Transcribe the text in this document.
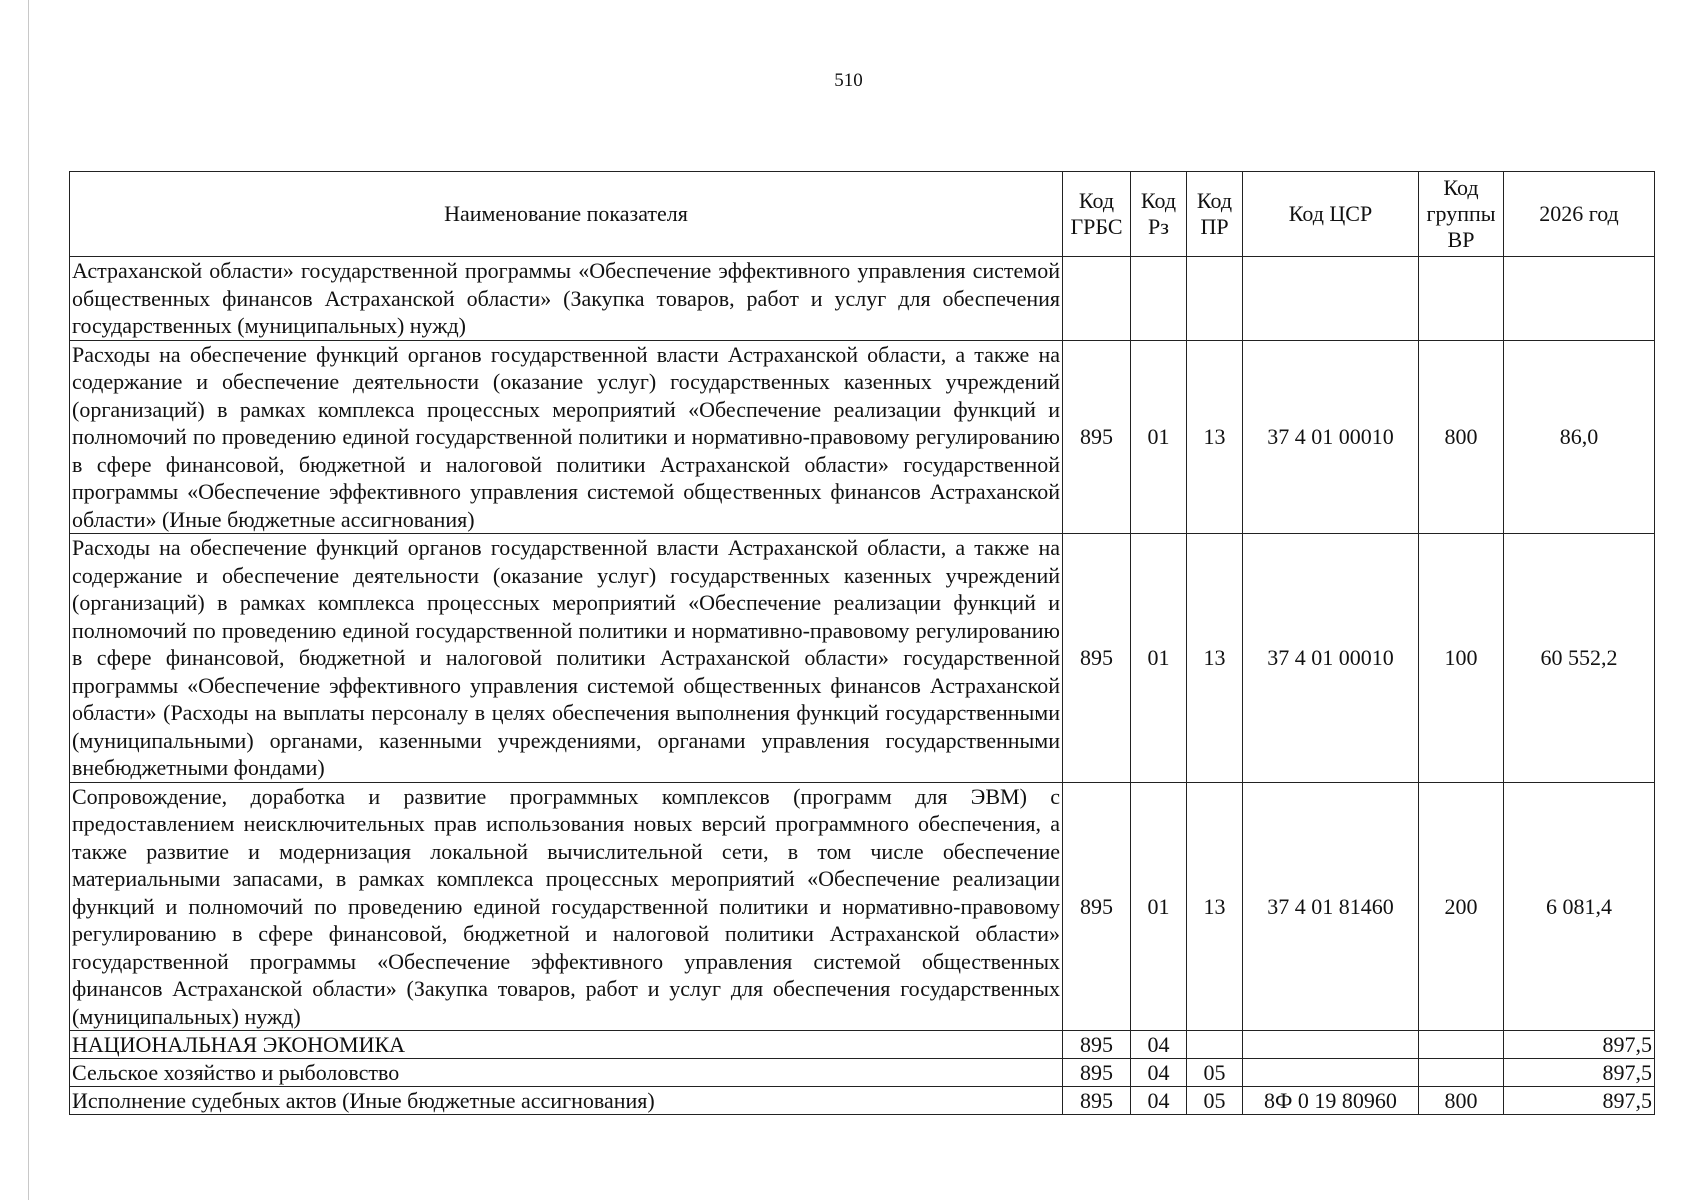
510
Наименование показателя	Код ГРБС	Код Рз	Код ПР	Код ЦСР	Код группы ВР	2026 год
Астраханской области» государственной программы «Обеспечение эффективного управления системой общественных финансов Астраханской области» (Закупка товаров, работ и услуг для обеспечения государственных (муниципальных) нужд)						
Расходы на обеспечение функций органов государственной власти Астраханской области, а также на содержание и обеспечение деятельности (оказание услуг) государственных казенных учреждений (организаций) в рамках комплекса процессных мероприятий «Обеспечение реализации функций и полномочий по проведению единой государственной политики и нормативно-правовому регулированию в сфере финансовой, бюджетной и налоговой политики Астраханской области» государственной программы «Обеспечение эффективного управления системой общественных финансов Астраханской области» (Иные бюджетные ассигнования)	895	01	13	37 4 01 00010	800	86,0
Расходы на обеспечение функций органов государственной власти Астраханской области, а также на содержание и обеспечение деятельности (оказание услуг) государственных казенных учреждений (организаций) в рамках комплекса процессных мероприятий «Обеспечение реализации функций и полномочий по проведению единой государственной политики и нормативно-правовому регулированию в сфере финансовой, бюджетной и налоговой политики Астраханской области» государственной программы «Обеспечение эффективного управления системой общественных финансов Астраханской области» (Расходы на выплаты персоналу в целях обеспечения выполнения функций государственными (муниципальными) органами, казенными учреждениями, органами управления государственными внебюджетными фондами)	895	01	13	37 4 01 00010	100	60 552,2
Сопровождение, доработка и развитие программных комплексов (программ для ЭВМ) с предоставлением неисключительных прав использования новых версий программного обеспечения, а также развитие и модернизация локальной вычислительной сети, в том числе обеспечение материальными запасами, в рамках комплекса процессных мероприятий «Обеспечение реализации функций и полномочий по проведению единой государственной политики и нормативно-правовому регулированию в сфере финансовой, бюджетной и налоговой политики Астраханской области» государственной программы «Обеспечение эффективного управления системой общественных финансов Астраханской области» (Закупка товаров, работ и услуг для обеспечения государственных (муниципальных) нужд)	895	01	13	37 4 01 81460	200	6 081,4
НАЦИОНАЛЬНАЯ ЭКОНОМИКА	895	04				897,5
Сельское хозяйство и рыболовство	895	04	05			897,5
Исполнение судебных актов (Иные бюджетные ассигнования)	895	04	05	8Ф 0 19 80960	800	897,5
